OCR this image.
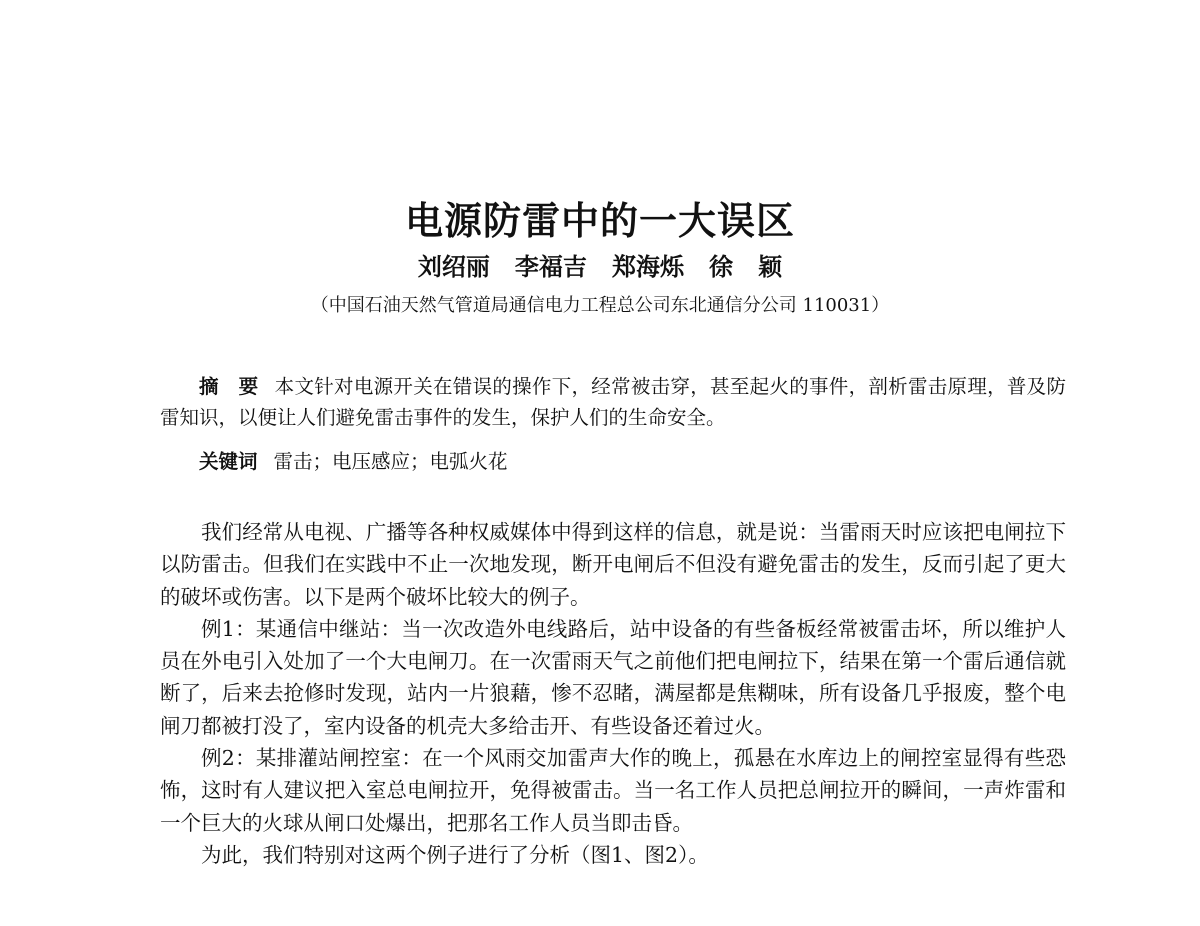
电源防雷中的一大误区
刘绍丽   李福吉   郑海烁   徐   颖
（中国石油天然气管道局通信电力工程总公司东北通信分公司 110031）

摘　要 本文针对电源开关在错误的操作下，经常被击穿，甚至起火的事件，剖析雷击原理，普及防雷知识，以便让人们避免雷击事件的发生，保护人们的生命安全。

关键词 雷击；电压感应；电弧火花

我们经常从电视、广播等各种权威媒体中得到这样的信息，就是说：当雷雨天时应该把电闸拉下以防雷击。但我们在实践中不止一次地发现，断开电闸后不但没有避免雷击的发生，反而引起了更大的破坏或伤害。以下是两个破坏比较大的例子。

例1：某通信中继站：当一次改造外电线路后，站中设备的有些备板经常被雷击坏，所以维护人员在外电引入处加了一个大电闸刀。在一次雷雨天气之前他们把电闸拉下，结果在第一个雷后通信就断了，后来去抢修时发现，站内一片狼藉，惨不忍睹，满屋都是焦糊味，所有设备几乎报废，整个电闸刀都被打没了，室内设备的机壳大多给击开、有些设备还着过火。

例2：某排灌站闸控室：在一个风雨交加雷声大作的晚上，孤悬在水库边上的闸控室显得有些恐怖，这时有人建议把入室总电闸拉开，免得被雷击。当一名工作人员把总闸拉开的瞬间，一声炸雷和一个巨大的火球从闸口处爆出，把那名工作人员当即击昏。

为此，我们特别对这两个例子进行了分析（图1、图2）。
